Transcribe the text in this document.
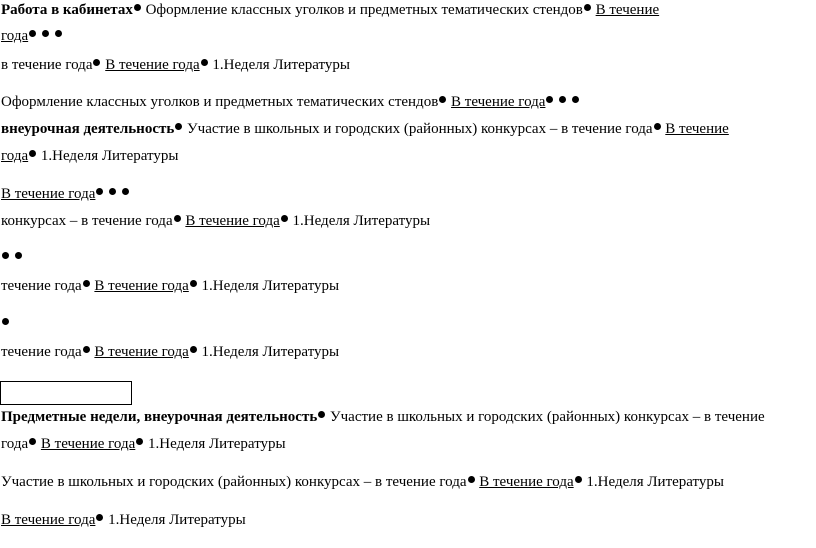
Работа в кабинетах Оформление классных уголков и предметных тематических стендов В течение
года
в течение года В течение года 1.Неделя Литературы
Оформление классных уголков и предметных тематических стендов В течение года
внеурочная деятельность Участие в школьных и городских (районных) конкурсах – в течение года В течение
года 1.Неделя Литературы
В течение года
конкурсах – в течение года В течение года 1.Неделя Литературы

течение года В течение года 1.Неделя Литературы
течение года В течение года 1.Неделя Литературы
Предметные недели, внеурочная деятельность Участие в школьных и городских (районных) конкурсах – в течение
года В течение года 1.Неделя Литературы
Участие в школьных и городских (районных) конкурсах – в течение года В течение года 1.Неделя Литературы
В течение года 1.Неделя Литературы
